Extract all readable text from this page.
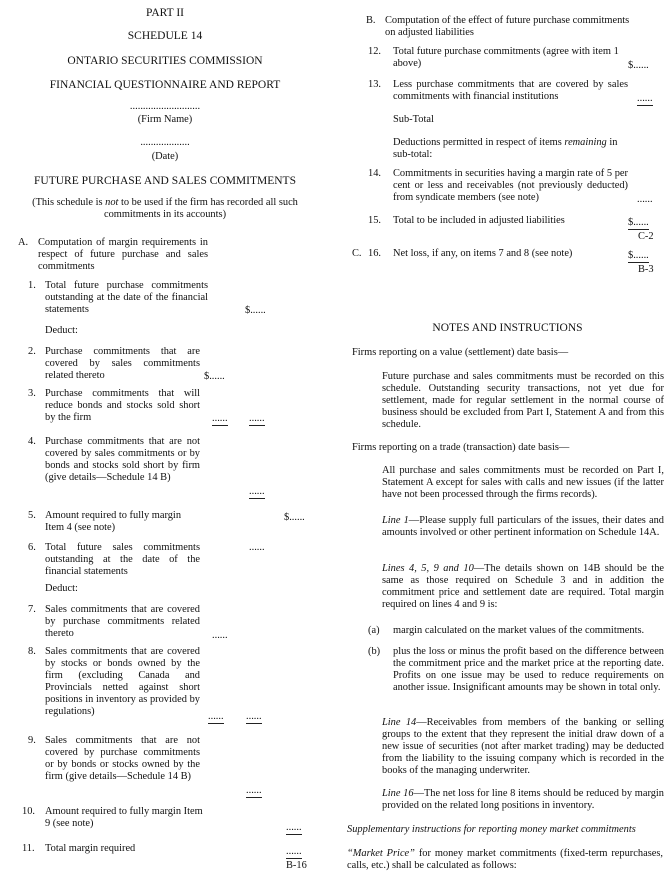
PART II
SCHEDULE 14
ONTARIO SECURITIES COMMISSION
FINANCIAL QUESTIONNAIRE AND REPORT
...........................
(Firm Name)
...................
(Date)
FUTURE PURCHASE AND SALES COMMITMENTS
(This schedule is not to be used if the firm has recorded all such commitments in its accounts)
A. Computation of margin requirements in respect of future purchase and sales commitments
1. Total future purchase commitments outstanding at the date of the financial statements	$......
Deduct:
2. Purchase commitments that are covered by sales commitments related thereto	$......
3. Purchase commitments that will reduce bonds and stocks sold short by the firm	...... ......
4. Purchase commitments that are not covered by sales commitments or by bonds and stocks sold short by firm (give details—Schedule 14 B)
......
5. Amount required to fully margin Item 4 (see note)
$......
6. Total future sales commitments outstanding at the date of the financial statements
......
Deduct:
7. Sales commitments that are covered by purchase commitments related thereto	......
8. Sales commitments that are covered by stocks or bonds owned by the firm (excluding Canada and Provincials netted against short positions in inventory as provided by regulations)	...... ......
9. Sales commitments that are not covered by purchase commitments or by bonds or stocks owned by the firm (give details—Schedule 14 B)
......
10. Amount required to fully margin Item 9 (see note)	......
11. Total margin required	......
B-16
B. Computation of the effect of future purchase commitments on adjusted liabilities
12. Total future purchase commitments (agree with item 1 above)	$......
13. Less purchase commitments that are covered by sales commitments with financial institutions	......
Sub-Total
Deductions permitted in respect of items remaining in sub-total:
14. Commitments in securities having a margin rate of 5 per cent or less and receivables (not previously deducted) from syndicate members (see note)	......
15. Total to be included in adjusted liabilities	$......
C-2
C. 16. Net loss, if any, on items 7 and 8 (see note)	$......
B-3
NOTES AND INSTRUCTIONS
Firms reporting on a value (settlement) date basis—
Future purchase and sales commitments must be recorded on this schedule. Outstanding security transactions, not yet due for settlement, made for regular settlement in the normal course of business should be excluded from Part I, Statement A and from this schedule.
Firms reporting on a trade (transaction) date basis—
All purchase and sales commitments must be recorded on Part I, Statement A except for sales with calls and new issues (if the latter have not been processed through the firms records).
Line 1—Please supply full particulars of the issues, their dates and amounts involved or other pertinent information on Schedule 14A.
Lines 4, 5, 9 and 10—The details shown on 14B should be the same as those required on Schedule 3 and in addition the commitment price and settlement date are required. Total margin required on lines 4 and 9 is:
(a) margin calculated on the market values of the commitments.
(b) plus the loss or minus the profit based on the difference between the commitment price and the market price at the reporting date. Profits on one issue may be used to reduce requirements on another issue. Insignificant amounts may be shown in total only.
Line 14—Receivables from members of the banking or selling groups to the extent that they represent the initial draw down of a new issue of securities (not after market trading) may be deducted from the liability to the issuing company which is recorded in the books of the managing underwriter.
Line 16—The net loss for line 8 items should be reduced by margin provided on the related long positions in inventory.
Supplementary instructions for reporting money market commitments
“Market Price” for money market commitments (fixed-term repurchases, calls, etc.) shall be calculated as follows:
